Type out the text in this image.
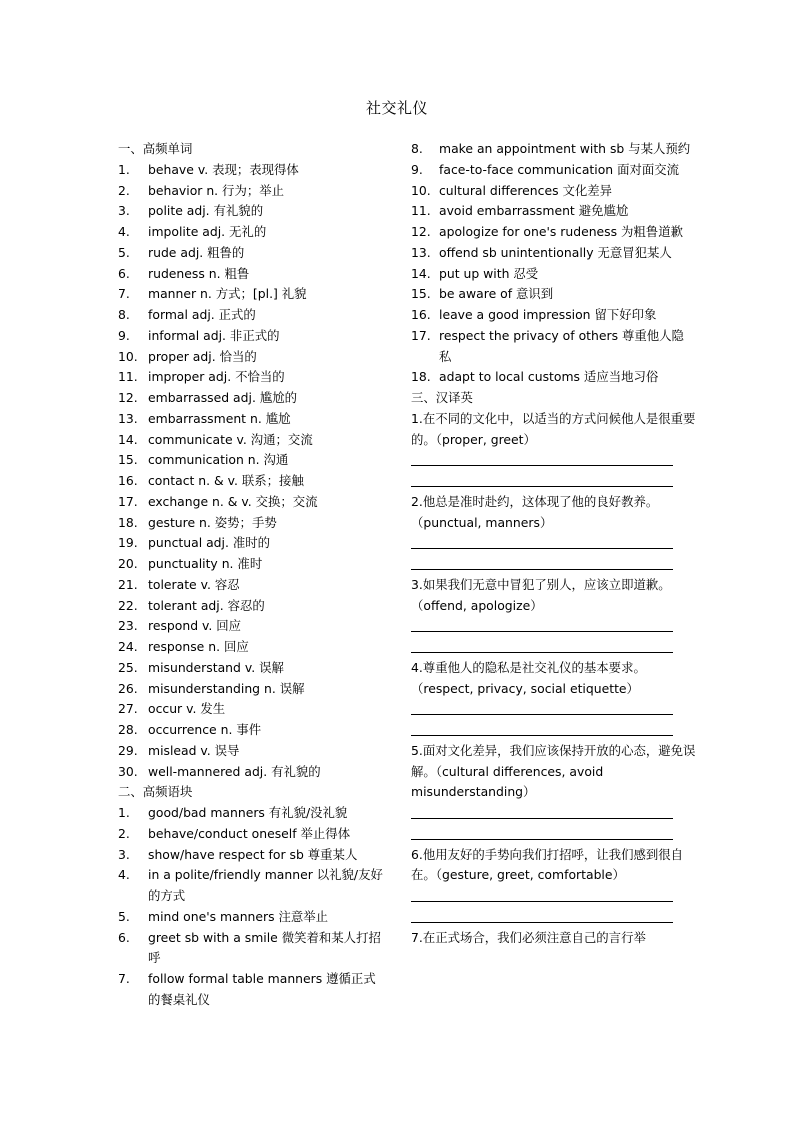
社交礼仪
一、高频单词
1.	behave v. 表现；表现得体
2.	behavior n. 行为；举止
3.	polite adj. 有礼貌的
4.	impolite adj. 无礼的
5.	rude adj. 粗鲁的
6.	rudeness n. 粗鲁
7.	manner n. 方式；[pl.] 礼貌
8.	formal adj. 正式的
9.	informal adj. 非正式的
10. proper adj. 恰当的
11. improper adj. 不恰当的
12. embarrassed adj. 尴尬的
13. embarrassment n. 尴尬
14. communicate v. 沟通；交流
15. communication n. 沟通
16. contact n. & v. 联系；接触
17. exchange n. & v. 交换；交流
18. gesture n. 姿势；手势
19. punctual adj. 准时的
20. punctuality n. 准时
21. tolerate v. 容忍
22. tolerant adj. 容忍的
23. respond v. 回应
24. response n. 回应
25. misunderstand v. 误解
26. misunderstanding n. 误解
27. occur v. 发生
28. occurrence n. 事件
29. mislead v. 误导
30. well-mannered adj. 有礼貌的
二、高频语块
1.	good/bad manners 有礼貌/没礼貌
2.	behave/conduct oneself 举止得体
3.	show/have respect for sb 尊重某人
4.	in a polite/friendly manner 以礼貌/友好的方式
5.	mind one's manners 注意举止
6.	greet sb with a smile 微笑着和某人打招呼
7.	follow formal table manners 遵循正式的餐桌礼仪
8.	make an appointment with sb 与某人预约
9.	face-to-face communication 面对面交流
10. cultural differences 文化差异
11. avoid embarrassment 避免尴尬
12. apologize for one's rudeness 为粗鲁道歉
13. offend sb unintentionally 无意冒犯某人
14. put up with 忍受
15. be aware of 意识到
16. leave a good impression 留下好印象
17. respect the privacy of others 尊重他人隐私
18. adapt to local customs 适应当地习俗
三、汉译英
1.在不同的文化中，以适当的方式问候他人是很重要的。（proper, greet）
2.他总是准时赴约，这体现了他的良好教养。（punctual, manners）
3.如果我们无意中冒犯了别人，应该立即道歉。（offend, apologize）
4.尊重他人的隐私是社交礼仪的基本要求。（respect, privacy, social etiquette）
5.面对文化差异，我们应该保持开放的心态，避免误解。（cultural differences, avoid misunderstanding）
6.他用友好的手势向我们打招呼，让我们感到很自在。（gesture, greet, comfortable）
7.在正式场合，我们必须注意自己的言行举
